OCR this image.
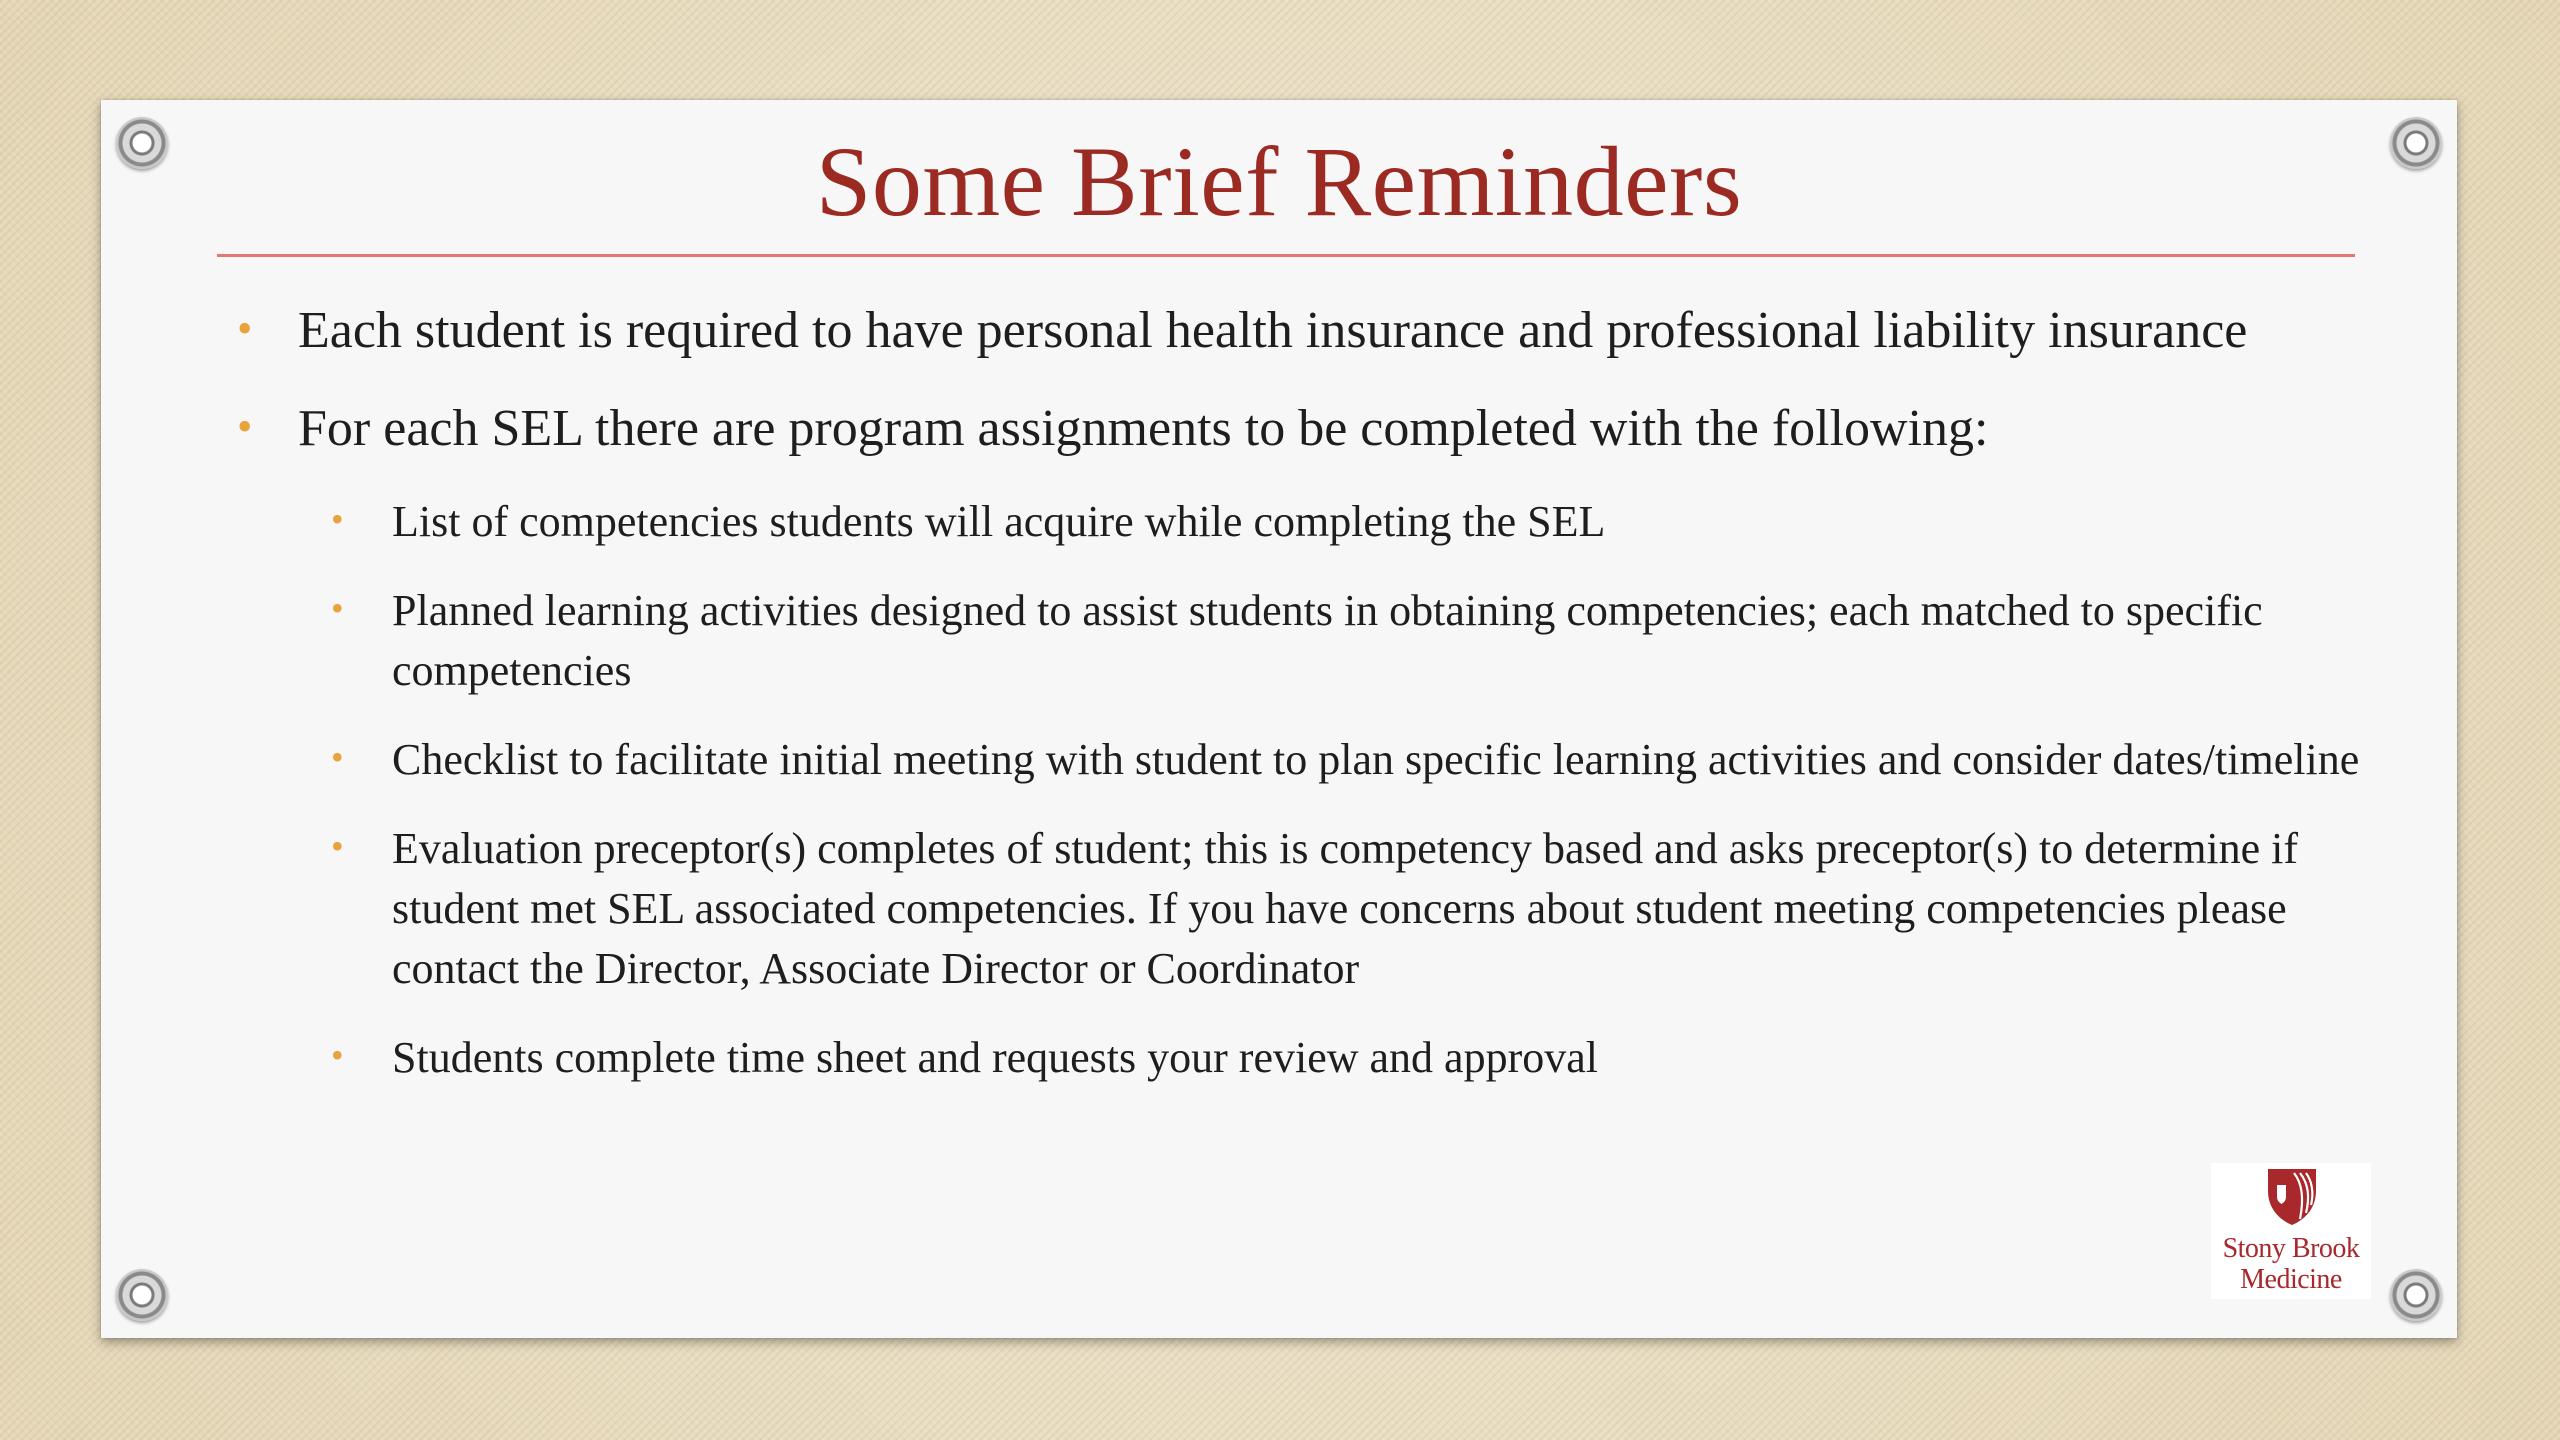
Some Brief Reminders
• Each student is required to have personal health insurance and professional liability insurance
• For each SEL there are program assignments to be completed with the following:
• List of competencies students will acquire while completing the SEL
• Planned learning activities designed to assist students in obtaining competencies; each matched to specific competencies
• Checklist to facilitate initial meeting with student to plan specific learning activities and consider dates/timeline
• Evaluation preceptor(s) completes of student; this is competency based and asks preceptor(s) to determine if student met SEL associated competencies. If you have concerns about student meeting competencies please contact the Director, Associate Director or Coordinator
• Students complete time sheet and requests your review and approval
Stony Brook
Medicine
